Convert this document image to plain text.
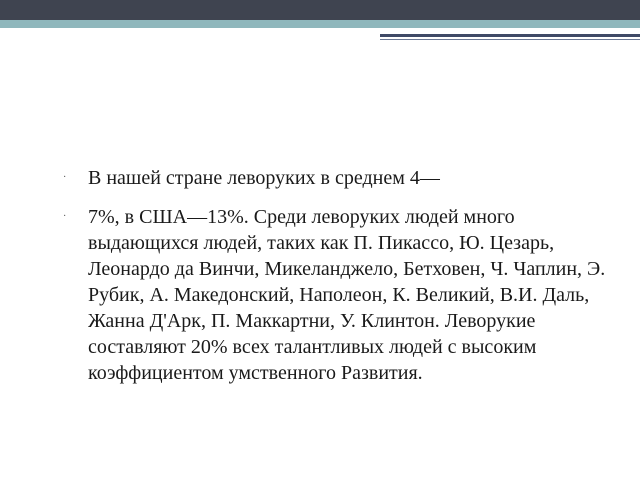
· В нашей стране леворуких в среднем 4—
· 7%, в США—13%. Среди леворуких людей много выдающихся людей, таких как П. Пикассо, Ю. Цезарь, Леонардо да Винчи, Микеланджело, Бетховен, Ч. Чаплин, Э. Рубик, А. Македонский, Наполеон, К. Великий, В.И. Даль, Жанна Д'Арк, П. Маккартни, У. Клинтон. Леворукие составляют 20% всех талантливых людей с высоким коэффициентом умственного Развития.
